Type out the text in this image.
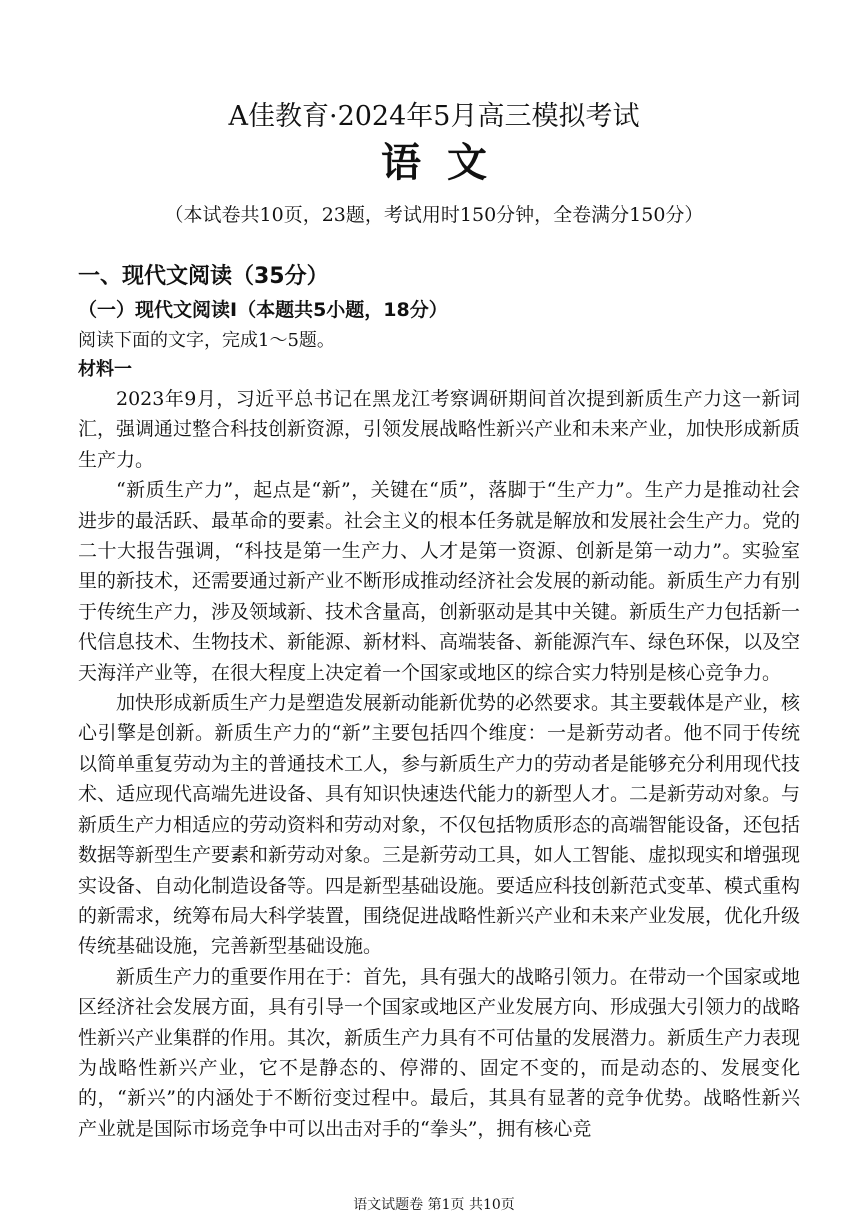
A佳教育·2024年5月高三模拟考试
语文
（本试卷共10页，23题，考试用时150分钟，全卷满分150分）
一、现代文阅读（35分）
（一）现代文阅读Ⅰ（本题共5小题，18分）
阅读下面的文字，完成1～5题。
材料一

2023年9月，习近平总书记在黑龙江考察调研期间首次提到新质生产力这一新词汇，强调通过整合科技创新资源，引领发展战略性新兴产业和未来产业，加快形成新质生产力。

“新质生产力”，起点是“新”，关键在“质”，落脚于“生产力”。生产力是推动社会进步的最活跃、最革命的要素。社会主义的根本任务就是解放和发展社会生产力。党的二十大报告强调，“科技是第一生产力、人才是第一资源、创新是第一动力”。实验室里的新技术，还需要通过新产业不断形成推动经济社会发展的新动能。新质生产力有别于传统生产力，涉及领域新、技术含量高，创新驱动是其中关键。新质生产力包括新一代信息技术、生物技术、新能源、新材料、高端装备、新能源汽车、绿色环保，以及空天海洋产业等，在很大程度上决定着一个国家或地区的综合实力特别是核心竞争力。

加快形成新质生产力是塑造发展新动能新优势的必然要求。其主要载体是产业，核心引擎是创新。新质生产力的“新”主要包括四个维度：一是新劳动者。他不同于传统以简单重复劳动为主的普通技术工人，参与新质生产力的劳动者是能够充分利用现代技术、适应现代高端先进设备、具有知识快速迭代能力的新型人才。二是新劳动对象。与新质生产力相适应的劳动资料和劳动对象，不仅包括物质形态的高端智能设备，还包括数据等新型生产要素和新劳动对象。三是新劳动工具，如人工智能、虚拟现实和增强现实设备、自动化制造设备等。四是新型基础设施。要适应科技创新范式变革、模式重构的新需求，统筹布局大科学装置，围绕促进战略性新兴产业和未来产业发展，优化升级传统基础设施，完善新型基础设施。

新质生产力的重要作用在于：首先，具有强大的战略引领力。在带动一个国家或地区经济社会发展方面，具有引导一个国家或地区产业发展方向、形成强大引领力的战略性新兴产业集群的作用。其次，新质生产力具有不可估量的发展潜力。新质生产力表现为战略性新兴产业，它不是静态的、停滞的、固定不变的，而是动态的、发展变化的，“新兴”的内涵处于不断衍变过程中。最后，其具有显著的竞争优势。战略性新兴产业就是国际市场竞争中可以出击对手的“拳头”，拥有核心竞

语文试题卷 第1页 共10页
